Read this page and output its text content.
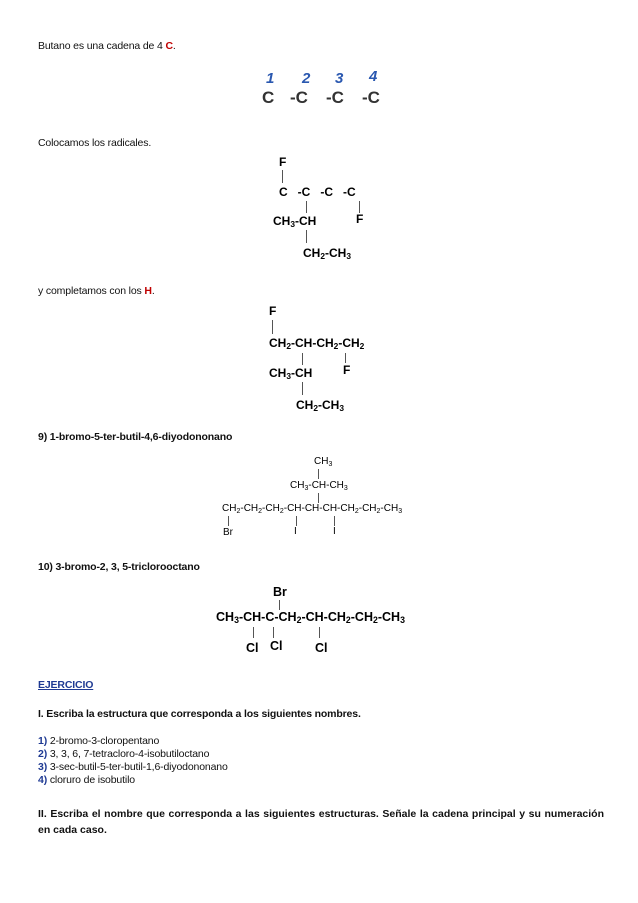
Butano es una cadena de 4 C.
1 2 3 4
C -C -C -C
Colocamos los radicales.
F
C   -C   -C   -C
$CH_3-CH$	F
$CH_2-CH_3$
y completamos con los H.
F
$CH_2-CH-CH_2-CH_2$
$CH_3-CH$	F
$CH_2-CH_3$
9) 1-bromo-5-ter-butil-4,6-diyodononano
$CH_3$
$CH_3-CH-CH_3$
$CH_2-CH_2-CH_2-CH-CH-CH-CH_2-CH_2-CH_3$
Br	I	I
10) 3-bromo-2, 3, 5-triclorooctano
Br
$CH_3-CH-C-CH_2-CH-CH_2-CH_2-CH_3$
Cl Cl	Cl
EJERCICIO
I. Escriba la estructura que corresponda a los siguientes nombres.
1) 2-bromo-3-cloropentano
2) 3, 3, 6, 7-tetracloro-4-isobutiloctano
3) 3-sec-butil-5-ter-butil-1,6-diyodononano
4) cloruro de isobutilo
II. Escriba el nombre que corresponda a las siguientes estructuras. Señale la cadena principal y su numeración en cada caso.
